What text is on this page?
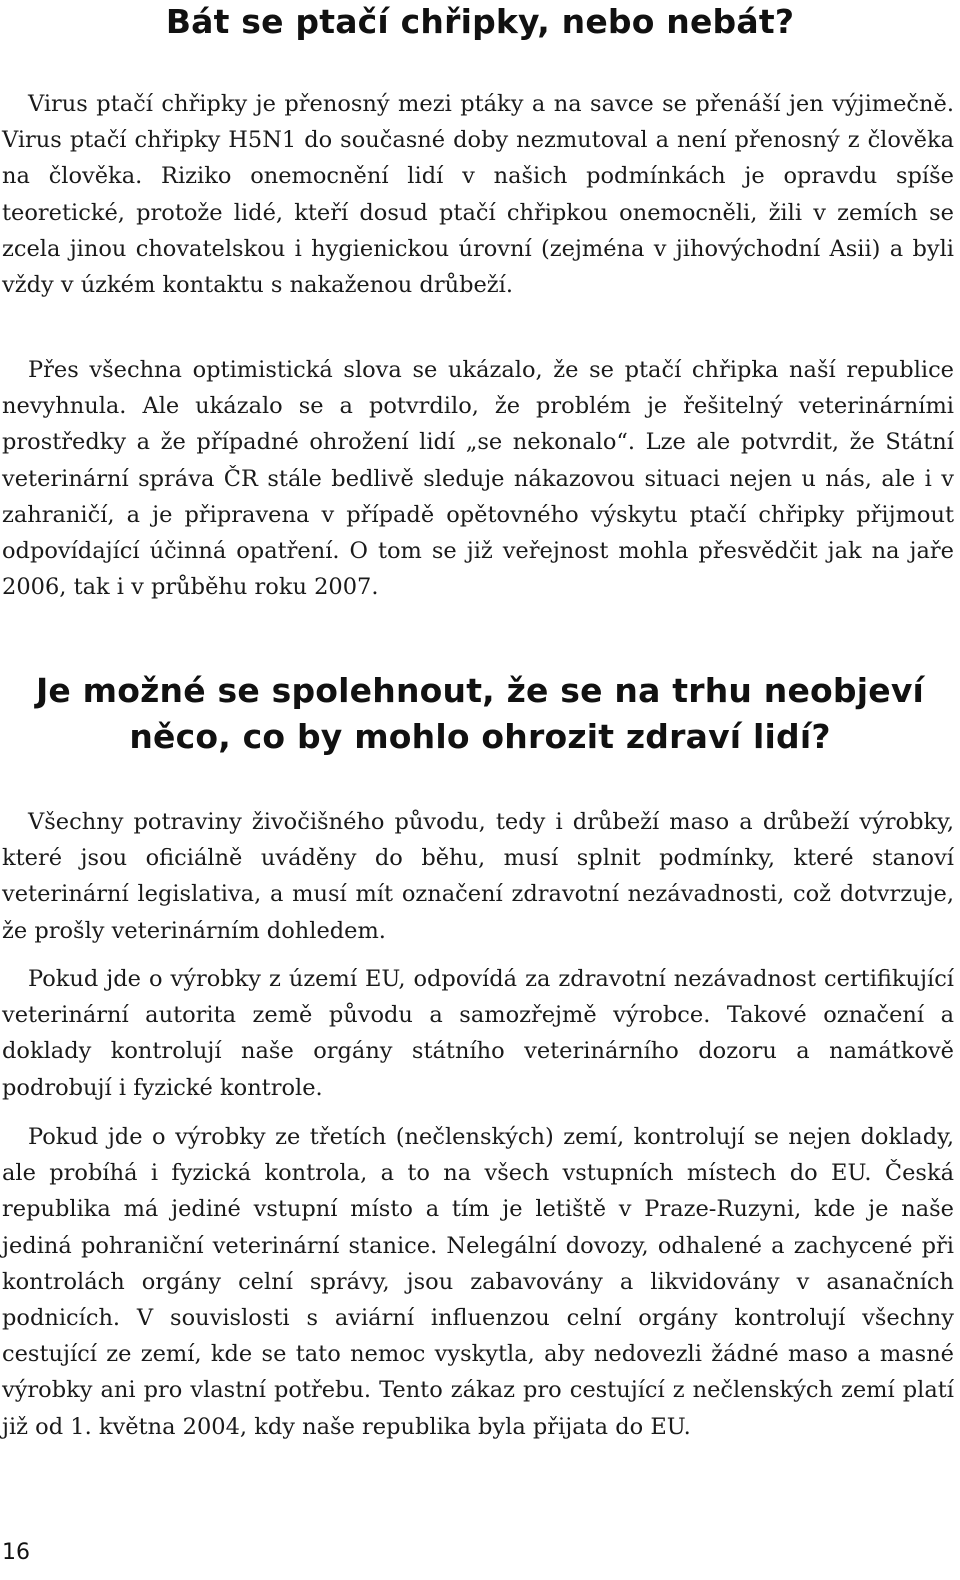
Bát se ptačí chřipky, nebo nebát?

Virus ptačí chřipky je přenosný mezi ptáky a na savce se přenáší jen výjimečně. Virus ptačí chřipky H5N1 do současné doby nezmutoval a není přenosný z člověka na člověka. Riziko onemocnění lidí v našich podmínkách je opravdu spíše teoretické, protože lidé, kteří dosud ptačí chřipkou onemocněli, žili v zemích se zcela jinou chovatelskou i hygienickou úrovní (zejména v jihovýchodní Asii) a byli vždy v úzkém kontaktu s nakaženou drůbeží.

Přes všechna optimistická slova se ukázalo, že se ptačí chřipka naší republice nevyhnula. Ale ukázalo se a potvrdilo, že problém je řešitelný veterinárními prostředky a že případné ohrožení lidí „se nekonalo“. Lze ale potvrdit, že Státní veterinární správa ČR stále bedlivě sleduje nákazovou situaci nejen u nás, ale i v zahraničí, a je připravena v případě opětovného výskytu ptačí chřipky přijmout odpovídající účinná opatření. O tom se již veřejnost mohla přesvědčit jak na jaře 2006, tak i v průběhu roku 2007.

Je možné se spolehnout, že se na trhu neobjeví něco, co by mohlo ohrozit zdraví lidí?

Všechny potraviny živočišného původu, tedy i drůbeží maso a drůbeží výrobky, které jsou oficiálně uváděny do běhu, musí splnit podmínky, které stanoví veterinární legislativa, a musí mít označení zdravotní nezávadnosti, což dotvrzuje, že prošly veterinárním dohledem.

Pokud jde o výrobky z území EU, odpovídá za zdravotní nezávadnost certifikující veterinární autorita země původu a samozřejmě výrobce. Takové označení a doklady kontrolují naše orgány státního veterinárního dozoru a namátkově podrobují i fyzické kontrole.

Pokud jde o výrobky ze třetích (nečlenských) zemí, kontrolují se nejen doklady, ale probíhá i fyzická kontrola, a to na všech vstupních místech do EU. Česká republika má jediné vstupní místo a tím je letiště v Praze-Ruzyni, kde je naše jediná pohraniční veterinární stanice. Nelegální dovozy, odhalené a zachycené při kontrolách orgány celní správy, jsou zabavovány a likvidovány v asanačních podnicích. V souvislosti s aviární influenzou celní orgány kontrolují všechny cestující ze zemí, kde se tato nemoc vyskytla, aby nedovezli žádné maso a masné výrobky ani pro vlastní potřebu. Tento zákaz pro cestující z nečlenských zemí platí již od 1. května 2004, kdy naše republika byla přijata do EU.

16
